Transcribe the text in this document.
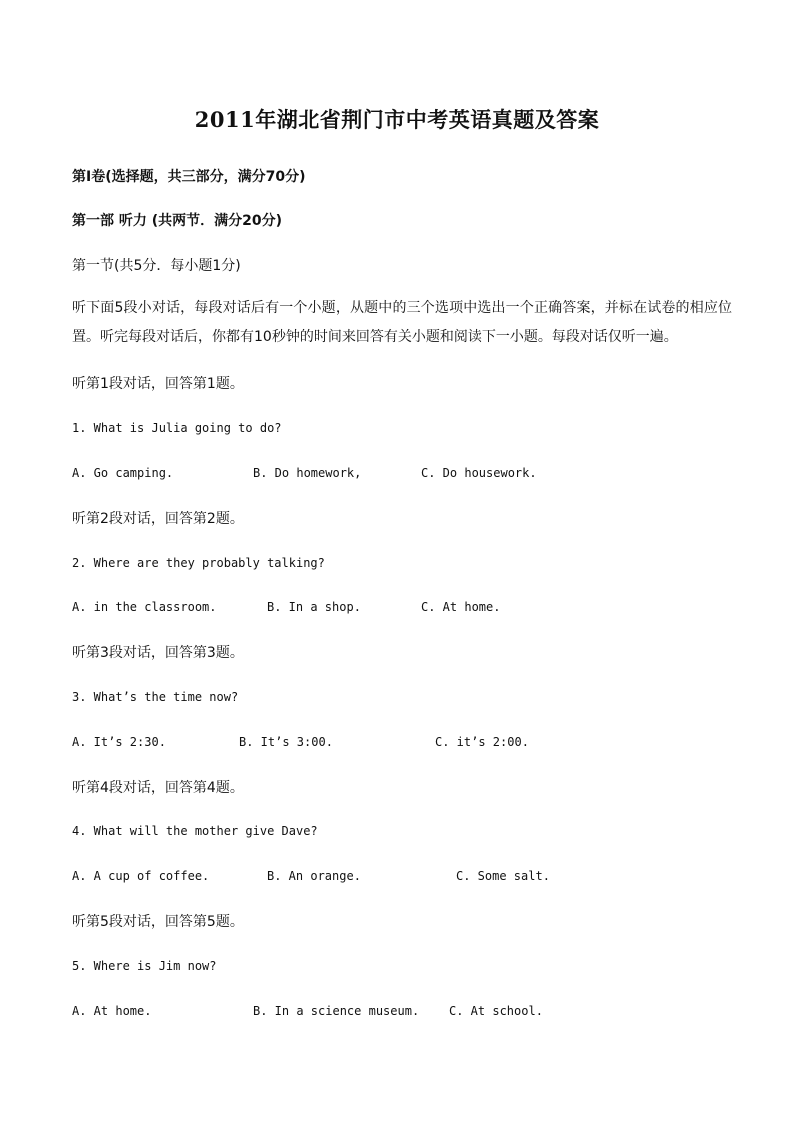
2011年湖北省荆门市中考英语真题及答案
第Ⅰ卷(选择题，共三部分，满分70分)
第一部 听力 (共两节．满分20分)
第一节(共5分．每小题1分)
听下面5段小对话，每段对话后有一个小题，从题中的三个选项中选出一个正确答案，并标在试卷的相应位置。听完每段对话后，你都有10秒钟的时间来回答有关小题和阅读下一小题。每段对话仅听一遍。
听第1段对话，回答第1题。
1. What is Julia going to do?
A. Go camping.	B. Do homework,	C. Do housework.
听第2段对话，回答第2题。
2. Where are they probably talking?
A. in the classroom.	B. In a shop.	C. At home.
听第3段对话，回答第3题。
3. What’s the time now?
A. It’s 2:30.	B. It’s 3:00.	C. it’s 2:00.
听第4段对话，回答第4题。
4. What will the mother give Dave?
A. A cup of coffee.	B. An orange.	C. Some salt.
听第5段对话，回答第5题。
5. Where is Jim now?
A. At home.	B. In a science museum. C. At school.
